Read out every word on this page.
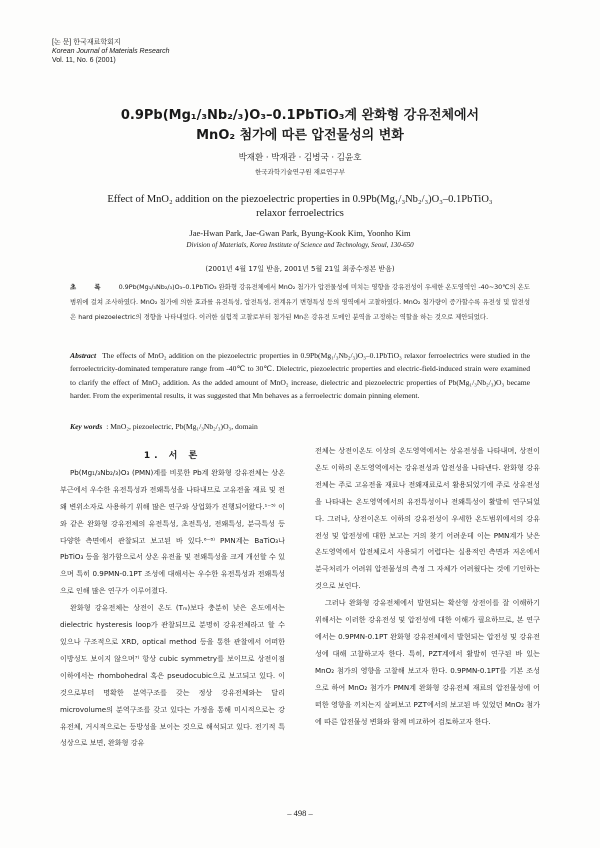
[논 문] 한국재료학회지
Korean Journal of Materials Research
Vol. 11, No. 6 (2001)
0.9Pb(Mg₁/₃Nb₂/₃)O₃–0.1PbTiO₃계 완화형 강유전체에서
MnO₂ 첨가에 따른 압전물성의 변화
박재환 · 박재관 · 김병국 · 김윤호
한국과학기술연구원 재료연구부
Effect of MnO₂ addition on the piezoelectric properties in 0.9Pb(Mg₁/₃Nb₂/₃)O₃–0.1PbTiO₃
relaxor ferroelectrics
Jae-Hwan Park, Jae-Gwan Park, Byung-Kook Kim, Yoonho Kim
Division of Materials, Korea Institute of Science and Technology, Seoul, 130-650
(2001년 4월 17일 받음, 2001년 5월 21일 최종수정본 받음)
초 록 0.9Pb(Mg₁/₃Nb₂/₃)O₃–0.1PbTiO₃ 완화형 강유전체에서 MnO₂ 첨가가 압전물성에 미치는 영향을 강유전성이 우세한 온도영역인 -40~30℃의 온도범위에 걸쳐 조사하였다. MnO₂ 첨가에 의한 효과를 유전특성, 압전특성, 전계유기 변형특성 등의 영역에서 고찰하였다. MnO₂ 첨가량이 증가할수록 유전성 및 압전성은 hard piezoelectric의 경향을 나타내었다. 이러한 실험적 고찰로부터 첨가된 Mn은 강유전 도메인 분역을 고정하는 역할을 하는 것으로 제안되었다.
Abstract The effects of MnO₂ addition on the piezoelectric properties in 0.9Pb(Mg₁/₃Nb₂/₃)O₃–0.1PbTiO₃ relaxor ferroelectrics were studied in the ferroelectricity-dominated temperature range from -40℃ to 30℃. Dielectric, piezoelectric properties and electric-field-induced strain were examined to clarify the effect of MnO₂ addition. As the added amount of MnO₂ increase, dielectric and piezoelectric properties of Pb(Mg₁/₃Nb₂/₃)O₃ became harder. From the experimental results, it was suggested that Mn behaves as a ferroelectric domain pinning element.
Key words : MnO₂, piezoelectric, Pb(Mg₁/₃Nb₂/₃)O₃, domain

1. 서 론

Pb(Mg₁/₃Nb₂/₃)O₃ (PMN)계를 비롯한 Pb계 완화형 강유전체는 상온 부근에서 우수한 유전특성과 전왜특성을 나타내므로 고유전율 재료 및 전왜 변위소자로 사용하기 위해 많은 연구와 상업화가 진행되어왔다.¹⁻⁵⁾ 이와 같은 완화형 강유전체의 유전특성, 초전특성, 전왜특성, 분극특성 등 다양한 측면에서 관찰되고 보고된 바 있다.⁶⁻⁸⁾ PMN계는 BaTiO₃나 PbTiO₃ 등을 첨가함으로서 상온 유전율 및 전왜특성을 크게 개선할 수 있으며 특히 0.9PMN-0.1PT 조성에 대해서는 우수한 유전특성과 전왜특성으로 인해 많은 연구가 이루어졌다.

완화형 강유전체는 상전이 온도 (Tₘ)보다 충분히 낮은 온도에서는 dielectric hysteresis loop가 관찰되므로 분명히 강유전체라고 할 수 있으나 구조적으로 XRD, optical method 등을 통한 관찰에서 어떠한 이방성도 보이지 않으며⁷⁾ 항상 cubic symmetry를 보이므로 상전이점 이하에서는 rhombohedral 혹은 pseudocubic으로 보고되고 있다. 이것으로부터 명확한 분역구조를 갖는 정상 강유전체와는 달리 microvolume의 분역구조를 갖고 있다는 가정을 통해 미시적으로는 강유전체, 거시적으로는 등방성을 보이는 것으로 해석되고 있다. 전기적 특성상으로 보면, 완화형 강유

전체는 상전이온도 이상의 온도영역에서는 상유전성을 나타내며, 상전이온도 이하의 온도영역에서는 강유전성과 압전성을 나타낸다. 완화형 강유전체는 주로 고유전율 재료나 전왜재료로서 활용되었기에 주로 상유전성을 나타내는 온도영역에서의 유전특성이나 전왜특성이 활발히 연구되었다. 그러나, 상전이온도 이하의 강유전성이 우세한 온도범위에서의 강유전성 및 압전성에 대한 보고는 거의 찾기 어려운데 이는 PMN계가 낮은 온도영역에서 압전체로서 사용되기 어렵다는 실용적인 측면과 저온에서 분극처리가 어려워 압전물성의 측정 그 자체가 어려웠다는 것에 기인하는 것으로 보인다.

그러나 완화형 강유전체에서 발현되는 확산형 상전이를 잘 이해하기 위해서는 이러한 강유전성 및 압전성에 대한 이해가 필요하므로, 본 연구에서는 0.9PMN-0.1PT 완화형 강유전체에서 발현되는 압전성 및 강유전성에 대해 고찰하고자 한다. 특히, PZT계에서 활발히 연구된 바 있는 MnO₂ 첨가의 영향을 고찰해 보고자 한다. 0.9PMN-0.1PT를 기본 조성으로 하여 MnO₂ 첨가가 PMN계 완화형 강유전체 재료의 압전물성에 어떠한 영향을 끼치는지 살펴보고 PZT에서의 보고된 바 있었던 MnO₂ 첨가에 따른 압전물성 변화와 함께 비교하여 검토하고자 한다.

– 498 –
